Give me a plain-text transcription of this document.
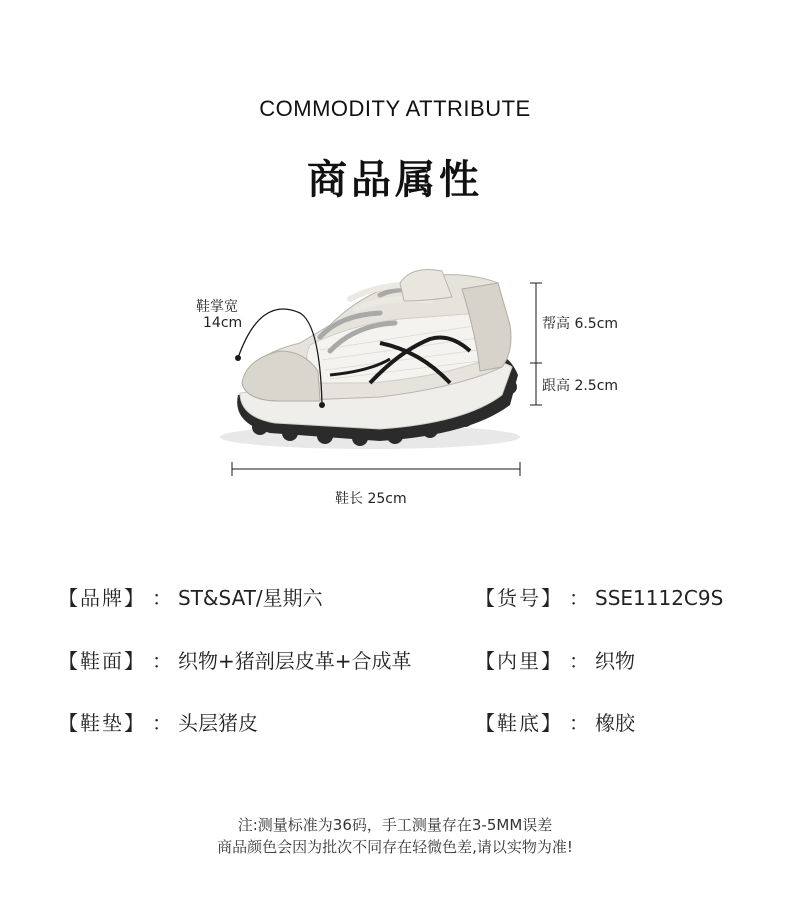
COMMODITY ATTRIBUTE
商品属性
鞋掌宽
14cm	帮高 6.5cm
跟高 2.5cm
鞋长 25cm
【品牌】 ： ST&SAT/星期六
【鞋面】 ： 织物+猪剖层皮革+合成革
【鞋垫】 ： 头层猪皮
【货号】 ： SSE1112C9S
【内里】 ： 织物
【鞋底】 ： 橡胶
注:测量标准为36码，手工测量存在3-5MM误差
商品颜色会因为批次不同存在轻微色差,请以实物为准!
